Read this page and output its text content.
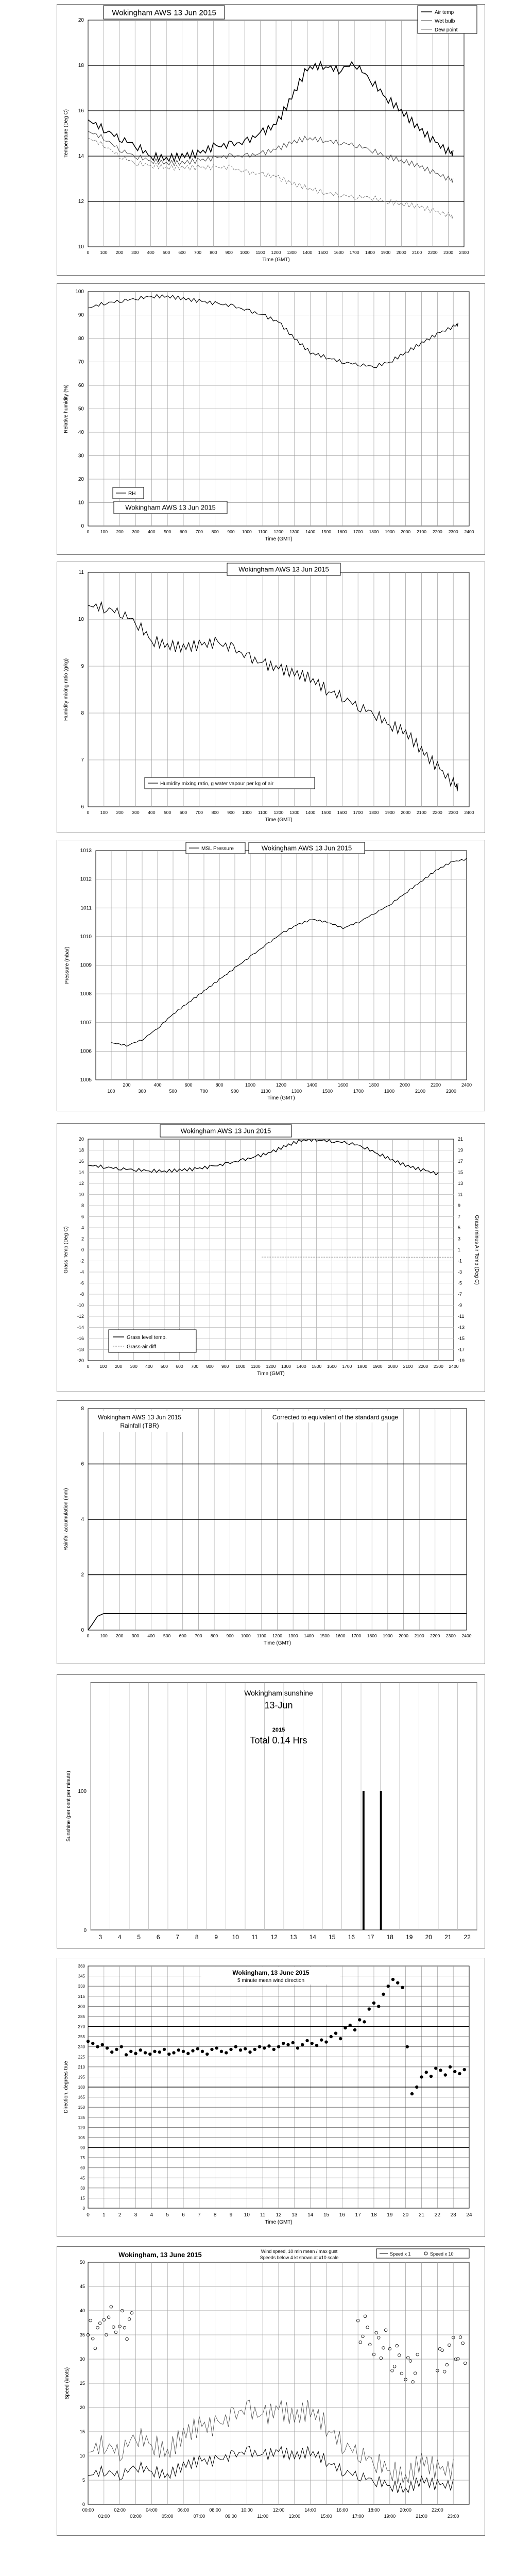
10
12
14
16
18
20
0 100 200 300 400 500 600 700 800 900 1000 1100 1200 1300 1400 1500 1600 1700 1800 1900 2000 2100 2200 2300 2400
Time (GMT)
Temperature (Deg C)
Wokingham AWS 13 Jun 2015	Air temp
Wet bulb
Dew point
0
10
20
30
40
50
60
70
80
90
100
0	100 200 300 400 500 600 700 800 900 1000 1100 1200 1300 1400 1500 1600 1700 1800 1900 2000 2100 2200 2300 2400
Time (GMT)
Relative humidity (%)
RH
Wokingham AWS 13 Jun 2015
6
7
8
9
10
11
0	100 200 300 400 500 600 700 800 900 1000 1100 1200 1300 1400 1500 1600 1700 1800 1900 2000 2100 2200 2300 2400
Time (GMT)
Humidity mixing ratio (g/kg)
Wokingham AWS 13 Jun 2015
Humidity mixing ratio, g water vapour per kg of air
1005
1006
1007
1008
1009
1010
1011
1012
1013
200	400	600	800	1000	1200	1400	1600	1800	2000	2200	2400
100	300	500	700	900	1100	1300	1500	1700	1900	2100	2300
Time (GMT)
Pressure (mbar)
MSL Pressure	Wokingham AWS 13 Jun 2015
-20
-18
-16
-14
-12
-10
-8
-6
-4
-2
0
2
4
6
8
10
12
14
16
18
20
-19
-17
-15
-13
-11
-9
-7
-5
-3
-1
1
3
5
7
9
11
13
15
17
19
21
0 100 200 300 400 500 600 700 800 900 1000 1100 1200 1300 1400 1500 1600 1700 1800 1900 2000 2100 2200 2300 2400
Time (GMT)
Grass Temp (Deg C)	Grass minus Air Temp (Deg C)
Wokingham AWS 13 Jun 2015
Grass level temp.
Grass-air diff
0
2
4
6
8
0 100 200 300 400 500 600 700 800 900 1000 1100 1200 1300 1400 1500 1600 1700 1800 1900 2000 2100 2200 2300 2400
Time (GMT)
Rainfall accumulation (mm)
Wokingham AWS 13 Jun 2015
Rainfall (TBR)
Corrected to equivalent of the standard gauge
3	4	5	6	7	8	9 10 11 12 13 14 15 16 17 18 19 20 21 22
0
100
Sunshine (per cent per minute)
Wokingham sunshine
13-Jun
2015
Total 0.14 Hrs
0
15
30
45
60
75
90
105
120
135
150
165
180
195
210
225
240
255
270
285
300
315
330
345
360
0	1	2	3	4	5	6	7	8	9 10 11 12 13 14 15 16 17 18 19 20 21 22 23 24
Time (GMT)
Direction, degrees true
Wokingham, 13 June 2015
5 minute mean wind direction
0
5
10
15
20
25
30
35
40
45
50
00:00	02:00	04:00	06:00	08:00	10:00	12:00	14:00	16:00	18:00	20:00	22:00
01:00	03:00	05:00	07:00	09:00	11:00	13:00	15:00	17:00	19:00	21:00	23:00
Speed (knots)
Wokingham, 13 June 2015	Wind speed, 10 min mean / max gust
Speeds below 4 kt shown at x10 scale
Speed x 1	Speed x 10
